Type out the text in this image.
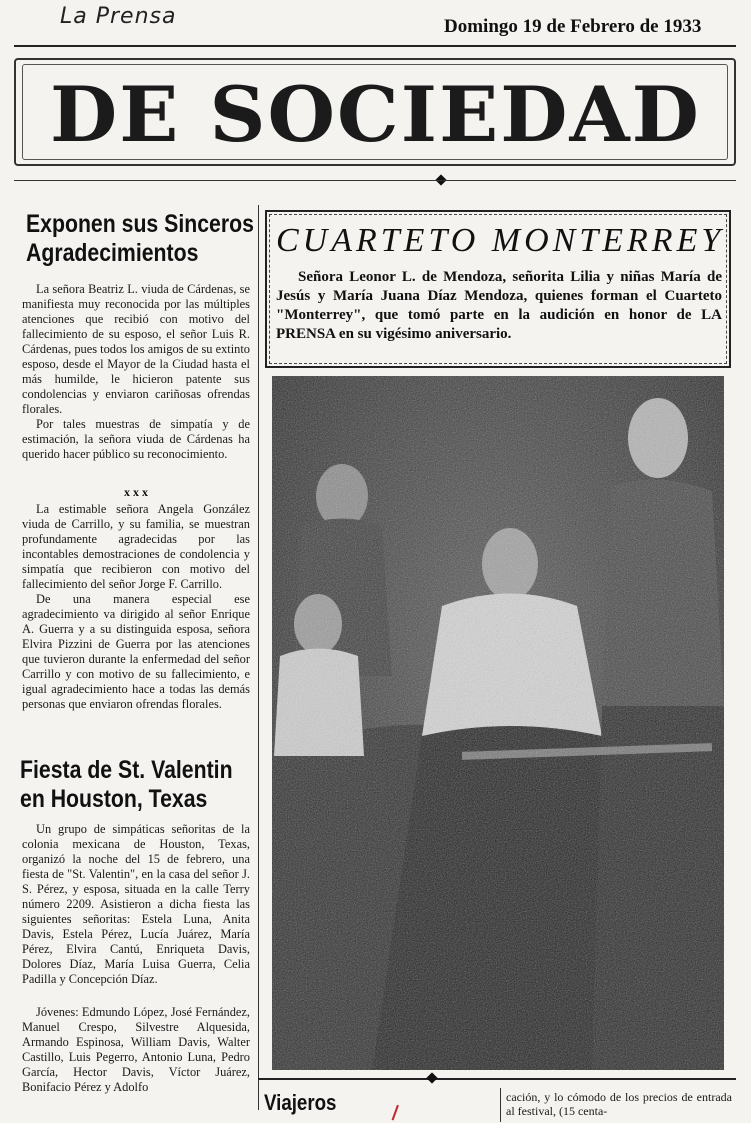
La Prensa	Domingo 19 de Febrero de 1933
DE SOCIEDAD
Exponen sus Sinceros
Agradecimientos

La señora Beatriz L. viuda de Cárdenas, se manifiesta muy reconocida por las múltiples atenciones que recibió con motivo del fallecimiento de su esposo, el señor Luis R. Cárdenas, pues todos los amigos de su extinto esposo, desde el Mayor de la Ciudad hasta el más humilde, le hicieron patente sus condolencias y enviaron cariñosas ofrendas florales.

Por tales muestras de simpatía y de estimación, la señora viuda de Cárdenas ha querido hacer público su reconocimiento.

x x x

La estimable señora Angela González viuda de Carrillo, y su familia, se muestran profundamente agradecidas por las incontables demostraciones de condolencia y simpatía que recibieron con motivo del fallecimiento del señor Jorge F. Carrillo.

De una manera especial ese agradecimiento va dirigido al señor Enrique A. Guerra y a su distinguida esposa, señora Elvira Pizzini de Guerra por las atenciones que tuvieron durante la enfermedad del señor Carrillo y con motivo de su fallecimiento, e igual agradecimiento hace a todas las demás personas que enviaron ofrendas florales.

Fiesta de St. Valentin
en Houston, Texas

Un grupo de simpáticas señoritas de la colonia mexicana de Houston, Texas, organizó la noche del 15 de febrero, una fiesta de "St. Valentin", en la casa del señor J. S. Pérez, y esposa, situada en la calle Terry número 2209. Asistieron a dicha fiesta las siguientes señoritas: Estela Luna, Anita Davis, Estela Pérez, Lucía Juárez, María Pérez, Elvira Cantú, Enriqueta Davis, Dolores Díaz, María Luisa Guerra, Celia Padilla y Concepción Díaz.

Jóvenes: Edmundo López, José Fernández, Manuel Crespo, Silvestre Alquesida, Armando Espinosa, William Davis, Walter Castillo, Luis Pegerro, Antonio Luna, Pedro García, Hector Davis, Víctor Juárez, Bonifacio Pérez y Adolfo

CUARTETO MONTERREY
Señora Leonor L. de Mendoza, señorita Lilia y niñas María de Jesús y María Juana Díaz Mendoza, quienes forman el Cuarteto "Monterrey", que tomó parte en la audición en honor de LA PRENSA en su vigésimo aniversario.
Viajeros	cación, y lo cómodo de los precios de entrada al festival, (15 centa-
